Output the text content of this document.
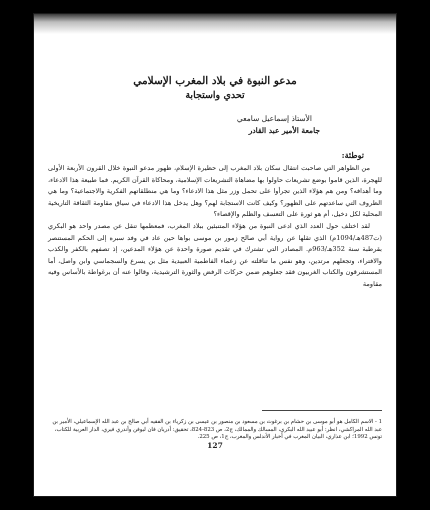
مدعو النبوة في بلاد المغرب الإسلامي
تحدي واستجابة

الأستاذ إسماعيل سامعي

جامعة الأمير عبد القادر

توطئة:

من الظواهر التي صاحبت انتقال سكان بلاد المغرب إلى حظيرة الإسلام، ظهور مدعو النبوة خلال القرون الأربعة الأولى للهجرة، الذين قاموا بوضع تشريعات حاولوا بها مضاهاة التشريعات الإسلامية، ومحاكاة القرآن الكريم. فما طبيعة هذا الادعاء، وما أهدافه؟ ومن هم هؤلاء الذين تجرأوا على تحمل وزر مثل هذا الادعاء؟ وما هي منطلقاتهم الفكرية والاجتماعية؟ وما هي الظروف التي ساعدتهم على الظهور؟ وكيف كانت الاستجابة لهم؟ وهل يدخل هذا الادعاء في سياق مقاومة الثقافة التاريخية المحلية لكل دخيل، أم هو ثورة على التعسف والظلم والإقصاء؟

لقد اختلف حول العدد الذي ادعى النبوة من هؤلاء المتنبئين ببلاد المغرب، فمعظمها تنقل عن مصدر واحد هو البكري (ت487هـ/1094م) الذي تقلها عن رواية أبي صالح زمور بن موسى بواها حين عاد في وفد سبره إلى الحكم المستنصر بقرطبة سنة 352هـ/963م. المصادر التي تشترك في تقديم صورة واحدة عن هؤلاء المدعين، إذ تصفهم بالكفر والكذب والافتراء، وتجعلهم مرتدين، وهو نفس ما تناقلته عن زعماء الفاطمية العبيدية مثل بن يسرع والسجماسي وابن واصل، أما المستشرقون والكتاب الغربيون فقد جعلوهم ضمن حركات الرفض والثورة الترشيدية، وقالوا عنه أن برغواطة بالأساس وفيه مقاومة

1 - الاسم الكامل هو أبو موسى بن حشام بن برغوث بن مسعود بن منصور بن عيسى بن زكرياء بن الفقيه أبي صالح بن عبد الله الإسماعيلي، الأمير بن عبد الله المراكشي، انظر: أبو عبيد الله البكري، المسالك والممالك، ج2، ص 823-824، تحقيق: أدريان فان ليوفن وأندري فيري، الدار العربية للكتاب، تونس 1992؛ ابن عذاري، البيان المغرب في أخبار الأندلس والمغرب، ج1، ص 225.

127
